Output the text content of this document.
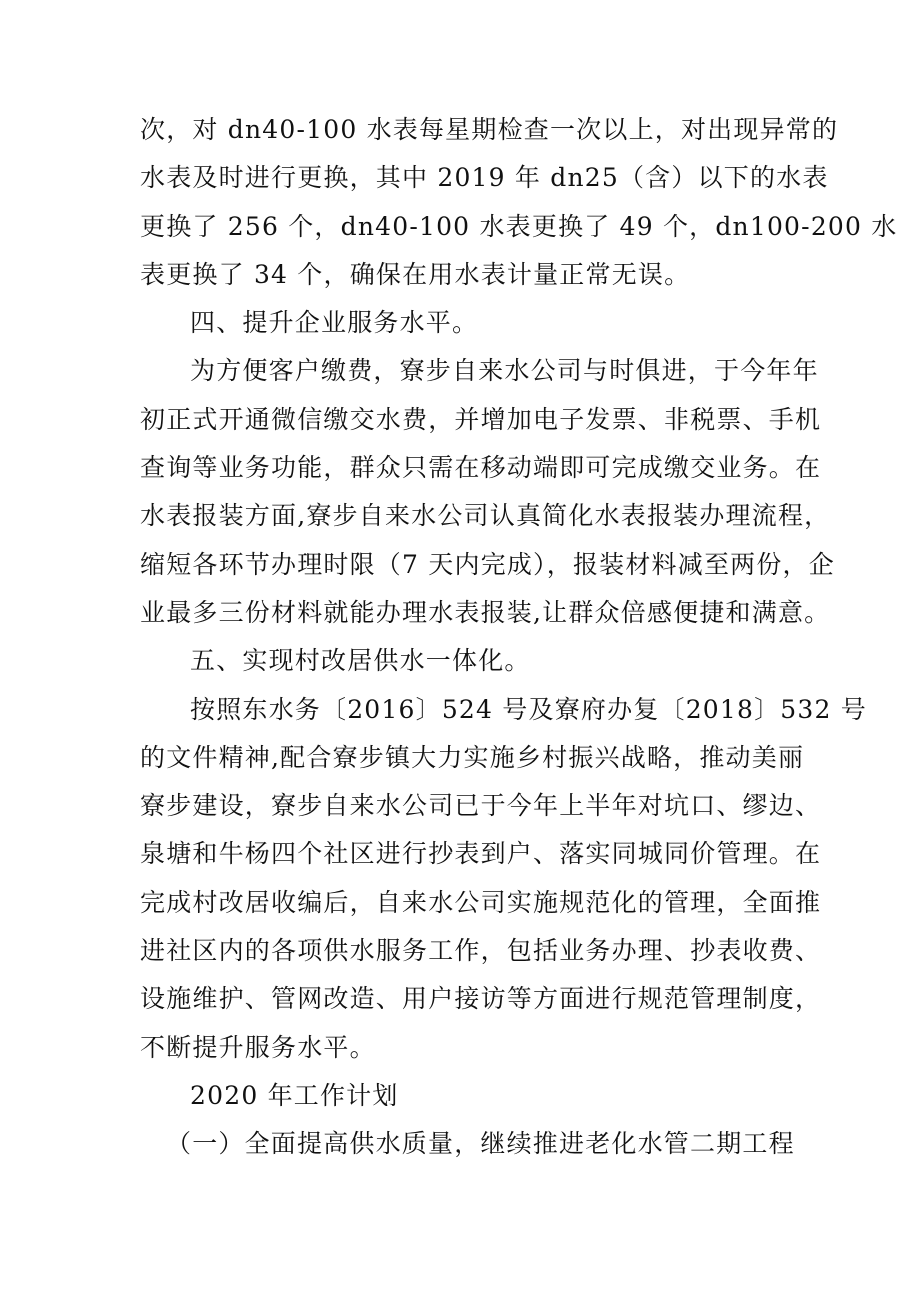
次，对 dn40-100 水表每星期检查一次以上，对出现异常的
水表及时进行更换，其中 2019 年 dn25（含）以下的水表
更换了 256 个，dn40-100 水表更换了 49 个，dn100-200 水
表更换了 34 个，确保在用水表计量正常无误。
四、提升企业服务水平。
为方便客户缴费，寮步自来水公司与时俱进，于今年年
初正式开通微信缴交水费，并增加电子发票、非税票、手机
查询等业务功能，群众只需在移动端即可完成缴交业务。在
水表报装方面,寮步自来水公司认真简化水表报装办理流程，
缩短各环节办理时限（7 天内完成），报装材料减至两份，企
业最多三份材料就能办理水表报装,让群众倍感便捷和满意。
五、实现村改居供水一体化。
按照东水务〔2016〕524 号及寮府办复〔2018〕532 号
的文件精神,配合寮步镇大力实施乡村振兴战略，推动美丽
寮步建设，寮步自来水公司已于今年上半年对坑口、缪边、
泉塘和牛杨四个社区进行抄表到户、落实同城同价管理。在
完成村改居收编后，自来水公司实施规范化的管理，全面推
进社区内的各项供水服务工作，包括业务办理、抄表收费、
设施维护、管网改造、用户接访等方面进行规范管理制度，
不断提升服务水平。
2020 年工作计划
（一）全面提高供水质量，继续推进老化水管二期工程
